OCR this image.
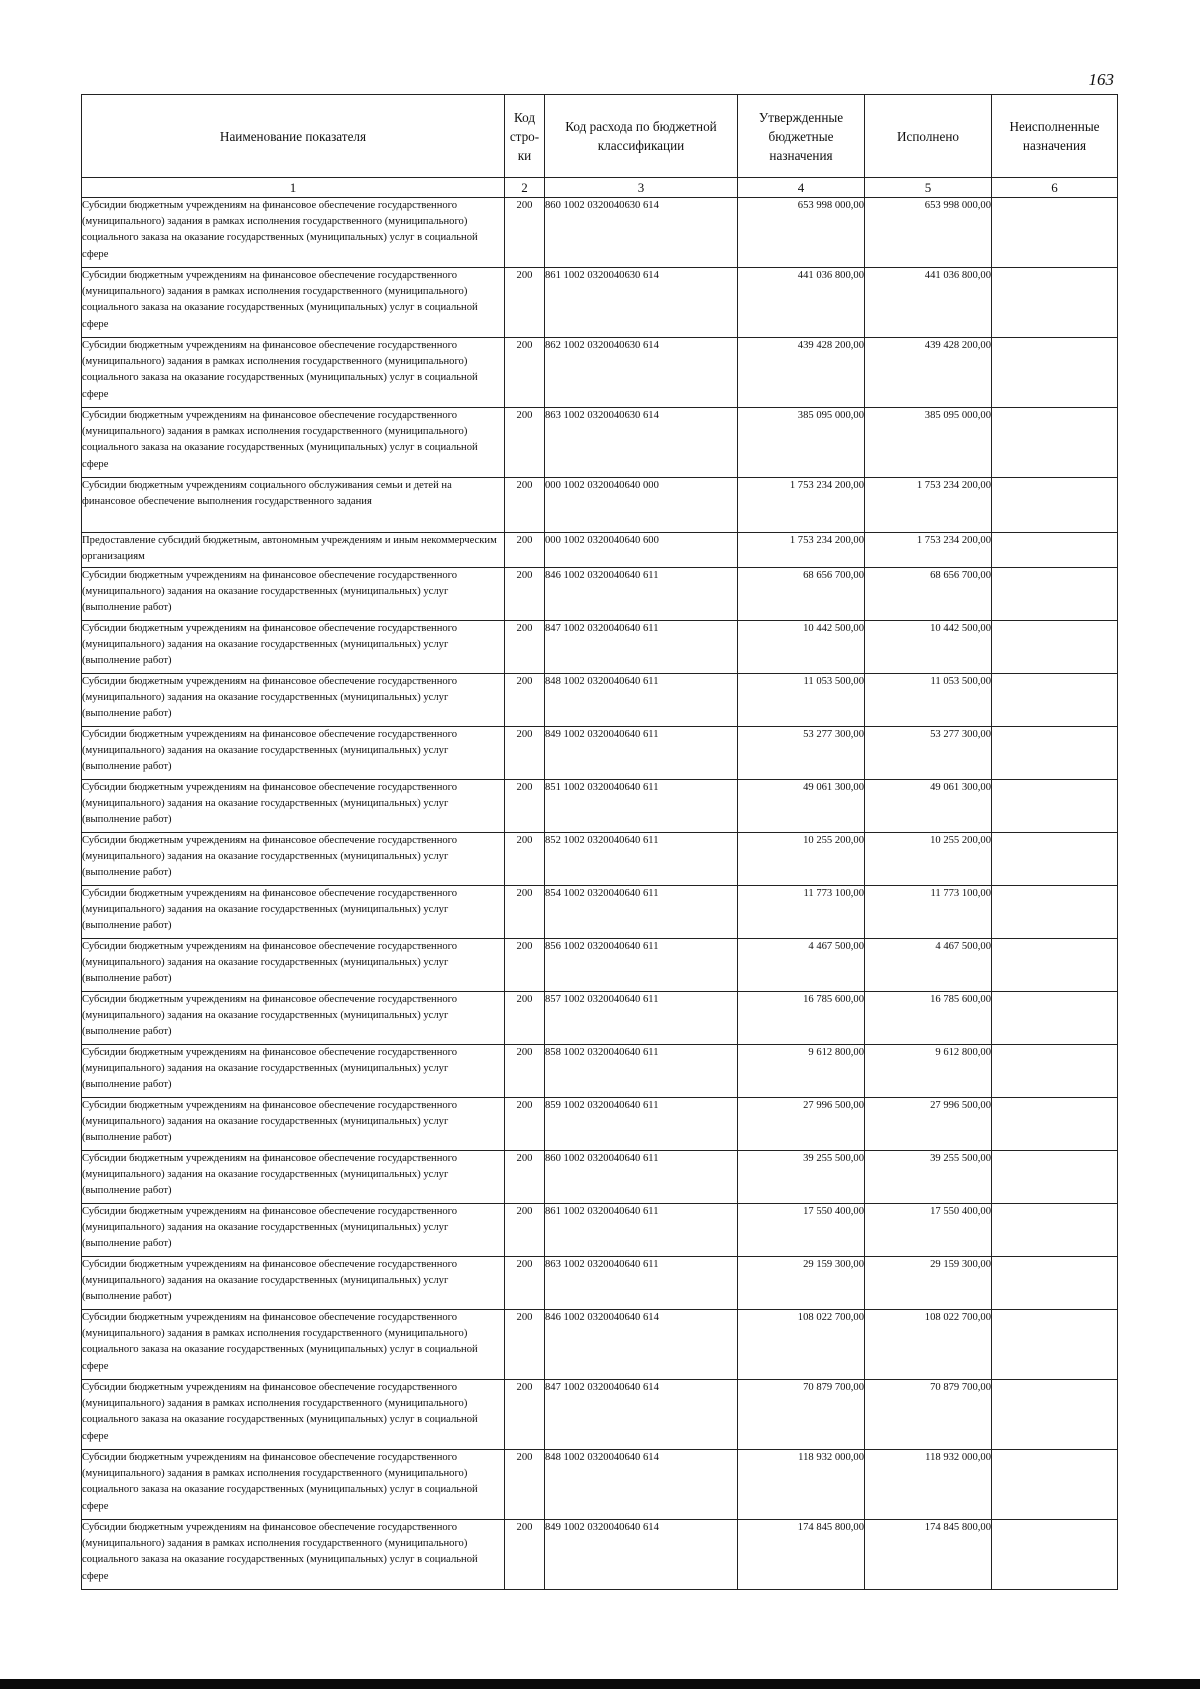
163
Наименование показателя	Код стро-ки	Код расхода по бюджетной классификации	Утвержденные бюджетные назначения	Исполнено	Неисполненные назначения
1	2	3	4	5	6
Субсидии бюджетным учреждениям на финансовое обеспечение государственного (муниципального) задания в рамках исполнения государственного (муниципального) социального заказа на оказание государственных (муниципальных) услуг в социальной сфере	200	860 1002 0320040630 614	653 998 000,00	653 998 000,00	
Субсидии бюджетным учреждениям на финансовое обеспечение государственного (муниципального) задания в рамках исполнения государственного (муниципального) социального заказа на оказание государственных (муниципальных) услуг в социальной сфере	200	861 1002 0320040630 614	441 036 800,00	441 036 800,00	
Субсидии бюджетным учреждениям на финансовое обеспечение государственного (муниципального) задания в рамках исполнения государственного (муниципального) социального заказа на оказание государственных (муниципальных) услуг в социальной сфере	200	862 1002 0320040630 614	439 428 200,00	439 428 200,00	
Субсидии бюджетным учреждениям на финансовое обеспечение государственного (муниципального) задания в рамках исполнения государственного (муниципального) социального заказа на оказание государственных (муниципальных) услуг в социальной сфере	200	863 1002 0320040630 614	385 095 000,00	385 095 000,00	
Субсидии бюджетным учреждениям социального обслуживания семьи и детей на финансовое обеспечение выполнения государственного задания	200	000 1002 0320040640 000	1 753 234 200,00	1 753 234 200,00	
Предоставление субсидий бюджетным, автономным учреждениям и иным некоммерческим организациям	200	000 1002 0320040640 600	1 753 234 200,00	1 753 234 200,00	
Субсидии бюджетным учреждениям на финансовое обеспечение государственного (муниципального) задания на оказание государственных (муниципальных) услуг (выполнение работ)	200	846 1002 0320040640 611	68 656 700,00	68 656 700,00	
Субсидии бюджетным учреждениям на финансовое обеспечение государственного (муниципального) задания на оказание государственных (муниципальных) услуг (выполнение работ)	200	847 1002 0320040640 611	10 442 500,00	10 442 500,00	
Субсидии бюджетным учреждениям на финансовое обеспечение государственного (муниципального) задания на оказание государственных (муниципальных) услуг (выполнение работ)	200	848 1002 0320040640 611	11 053 500,00	11 053 500,00	
Субсидии бюджетным учреждениям на финансовое обеспечение государственного (муниципального) задания на оказание государственных (муниципальных) услуг (выполнение работ)	200	849 1002 0320040640 611	53 277 300,00	53 277 300,00	
Субсидии бюджетным учреждениям на финансовое обеспечение государственного (муниципального) задания на оказание государственных (муниципальных) услуг (выполнение работ)	200	851 1002 0320040640 611	49 061 300,00	49 061 300,00	
Субсидии бюджетным учреждениям на финансовое обеспечение государственного (муниципального) задания на оказание государственных (муниципальных) услуг (выполнение работ)	200	852 1002 0320040640 611	10 255 200,00	10 255 200,00	
Субсидии бюджетным учреждениям на финансовое обеспечение государственного (муниципального) задания на оказание государственных (муниципальных) услуг (выполнение работ)	200	854 1002 0320040640 611	11 773 100,00	11 773 100,00	
Субсидии бюджетным учреждениям на финансовое обеспечение государственного (муниципального) задания на оказание государственных (муниципальных) услуг (выполнение работ)	200	856 1002 0320040640 611	4 467 500,00	4 467 500,00	
Субсидии бюджетным учреждениям на финансовое обеспечение государственного (муниципального) задания на оказание государственных (муниципальных) услуг (выполнение работ)	200	857 1002 0320040640 611	16 785 600,00	16 785 600,00	
Субсидии бюджетным учреждениям на финансовое обеспечение государственного (муниципального) задания на оказание государственных (муниципальных) услуг (выполнение работ)	200	858 1002 0320040640 611	9 612 800,00	9 612 800,00	
Субсидии бюджетным учреждениям на финансовое обеспечение государственного (муниципального) задания на оказание государственных (муниципальных) услуг (выполнение работ)	200	859 1002 0320040640 611	27 996 500,00	27 996 500,00	
Субсидии бюджетным учреждениям на финансовое обеспечение государственного (муниципального) задания на оказание государственных (муниципальных) услуг (выполнение работ)	200	860 1002 0320040640 611	39 255 500,00	39 255 500,00	
Субсидии бюджетным учреждениям на финансовое обеспечение государственного (муниципального) задания на оказание государственных (муниципальных) услуг (выполнение работ)	200	861 1002 0320040640 611	17 550 400,00	17 550 400,00	
Субсидии бюджетным учреждениям на финансовое обеспечение государственного (муниципального) задания на оказание государственных (муниципальных) услуг (выполнение работ)	200	863 1002 0320040640 611	29 159 300,00	29 159 300,00	
Субсидии бюджетным учреждениям на финансовое обеспечение государственного (муниципального) задания в рамках исполнения государственного (муниципального) социального заказа на оказание государственных (муниципальных) услуг в социальной сфере	200	846 1002 0320040640 614	108 022 700,00	108 022 700,00	
Субсидии бюджетным учреждениям на финансовое обеспечение государственного (муниципального) задания в рамках исполнения государственного (муниципального) социального заказа на оказание государственных (муниципальных) услуг в социальной сфере	200	847 1002 0320040640 614	70 879 700,00	70 879 700,00	
Субсидии бюджетным учреждениям на финансовое обеспечение государственного (муниципального) задания в рамках исполнения государственного (муниципального) социального заказа на оказание государственных (муниципальных) услуг в социальной сфере	200	848 1002 0320040640 614	118 932 000,00	118 932 000,00	
Субсидии бюджетным учреждениям на финансовое обеспечение государственного (муниципального) задания в рамках исполнения государственного (муниципального) социального заказа на оказание государственных (муниципальных) услуг в социальной сфере	200	849 1002 0320040640 614	174 845 800,00	174 845 800,00	
